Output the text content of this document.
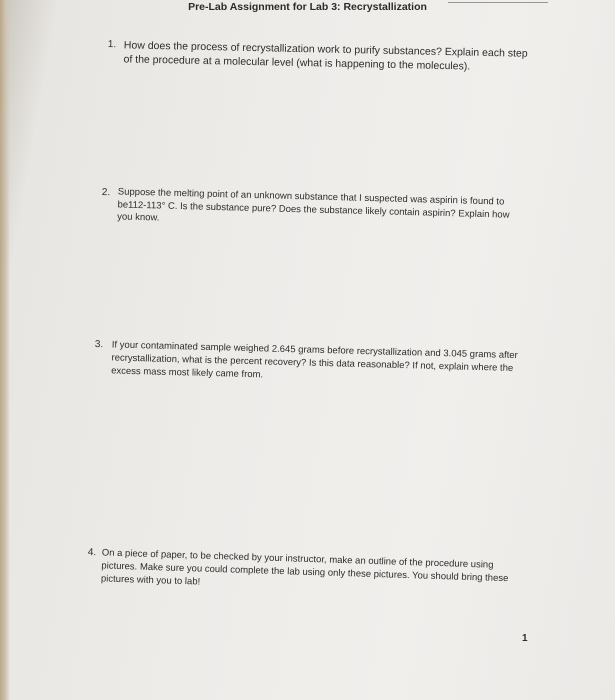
Pre-Lab Assignment for Lab 3: Recrystallization
1. How does the process of recrystallization work to purify substances? Explain each step of the procedure at a molecular level (what is happening to the molecules).
2. Suppose the melting point of an unknown substance that I suspected was aspirin is found to be112-113° C. Is the substance pure? Does the substance likely contain aspirin? Explain how you know.
3. If your contaminated sample weighed 2.645 grams before recrystallization and 3.045 grams after recrystallization, what is the percent recovery? Is this data reasonable? If not, explain where the excess mass most likely came from.
4. On a piece of paper, to be checked by your instructor, make an outline of the procedure using pictures. Make sure you could complete the lab using only these pictures. You should bring these pictures with you to lab!
1
